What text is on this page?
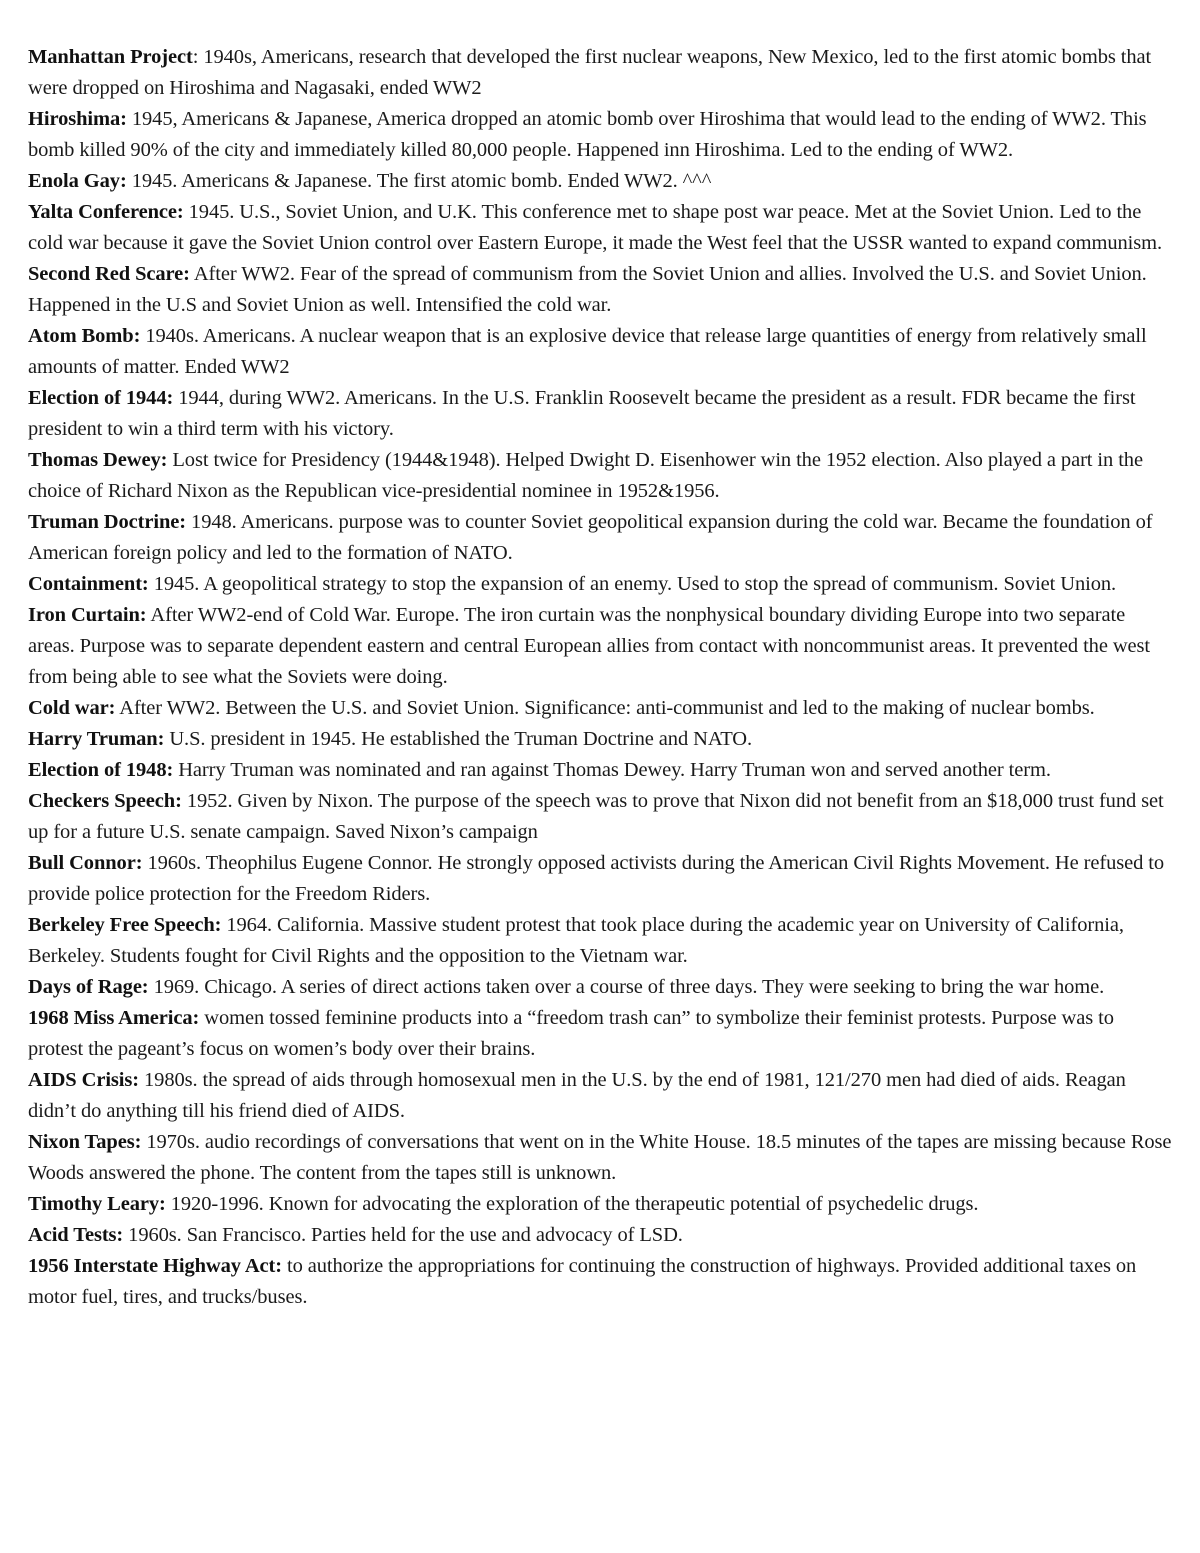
Manhattan Project: 1940s, Americans, research that developed the first nuclear weapons, New Mexico, led to the first atomic bombs that were dropped on Hiroshima and Nagasaki, ended WW2

Hiroshima: 1945, Americans & Japanese, America dropped an atomic bomb over Hiroshima that would lead to the ending of WW2. This bomb killed 90% of the city and immediately killed 80,000 people. Happened inn Hiroshima. Led to the ending of WW2.

Enola Gay: 1945. Americans & Japanese. The first atomic bomb. Ended WW2. ^^^

Yalta Conference: 1945. U.S., Soviet Union, and U.K. This conference met to shape post war peace. Met at the Soviet Union. Led to the cold war because it gave the Soviet Union control over Eastern Europe, it made the West feel that the USSR wanted to expand communism.

Second Red Scare: After WW2. Fear of the spread of communism from the Soviet Union and allies. Involved the U.S. and Soviet Union. Happened in the U.S and Soviet Union as well. Intensified the cold war.

Atom Bomb: 1940s. Americans. A nuclear weapon that is an explosive device that release large quantities of energy from relatively small amounts of matter. Ended WW2

Election of 1944: 1944, during WW2. Americans. In the U.S. Franklin Roosevelt became the president as a result. FDR became the first president to win a third term with his victory.

Thomas Dewey: Lost twice for Presidency (1944&1948). Helped Dwight D. Eisenhower win the 1952 election. Also played a part in the choice of Richard Nixon as the Republican vice-presidential nominee in 1952&1956.

Truman Doctrine: 1948. Americans. purpose was to counter Soviet geopolitical expansion during the cold war. Became the foundation of American foreign policy and led to the formation of NATO.

Containment: 1945. A geopolitical strategy to stop the expansion of an enemy. Used to stop the spread of communism. Soviet Union.

Iron Curtain: After WW2-end of Cold War. Europe. The iron curtain was the nonphysical boundary dividing Europe into two separate areas. Purpose was to separate dependent eastern and central European allies from contact with noncommunist areas. It prevented the west from being able to see what the Soviets were doing.

Cold war: After WW2. Between the U.S. and Soviet Union. Significance: anti-communist and led to the making of nuclear bombs.

Harry Truman: U.S. president in 1945. He established the Truman Doctrine and NATO.

Election of 1948: Harry Truman was nominated and ran against Thomas Dewey. Harry Truman won and served another term.

Checkers Speech: 1952. Given by Nixon. The purpose of the speech was to prove that Nixon did not benefit from an $18,000 trust fund set up for a future U.S. senate campaign. Saved Nixon’s campaign

Bull Connor: 1960s. Theophilus Eugene Connor. He strongly opposed activists during the American Civil Rights Movement. He refused to provide police protection for the Freedom Riders.

Berkeley Free Speech: 1964. California. Massive student protest that took place during the academic year on University of California, Berkeley. Students fought for Civil Rights and the opposition to the Vietnam war.

Days of Rage: 1969. Chicago. A series of direct actions taken over a course of three days. They were seeking to bring the war home.

1968 Miss America: women tossed feminine products into a “freedom trash can” to symbolize their feminist protests. Purpose was to protest the pageant’s focus on women’s body over their brains.

AIDS Crisis: 1980s. the spread of aids through homosexual men in the U.S. by the end of 1981, 121/270 men had died of aids. Reagan didn’t do anything till his friend died of AIDS.

Nixon Tapes: 1970s. audio recordings of conversations that went on in the White House. 18.5 minutes of the tapes are missing because Rose Woods answered the phone. The content from the tapes still is unknown.

Timothy Leary: 1920-1996. Known for advocating the exploration of the therapeutic potential of psychedelic drugs.

Acid Tests: 1960s. San Francisco. Parties held for the use and advocacy of LSD.

1956 Interstate Highway Act: to authorize the appropriations for continuing the construction of highways. Provided additional taxes on motor fuel, tires, and trucks/buses.
